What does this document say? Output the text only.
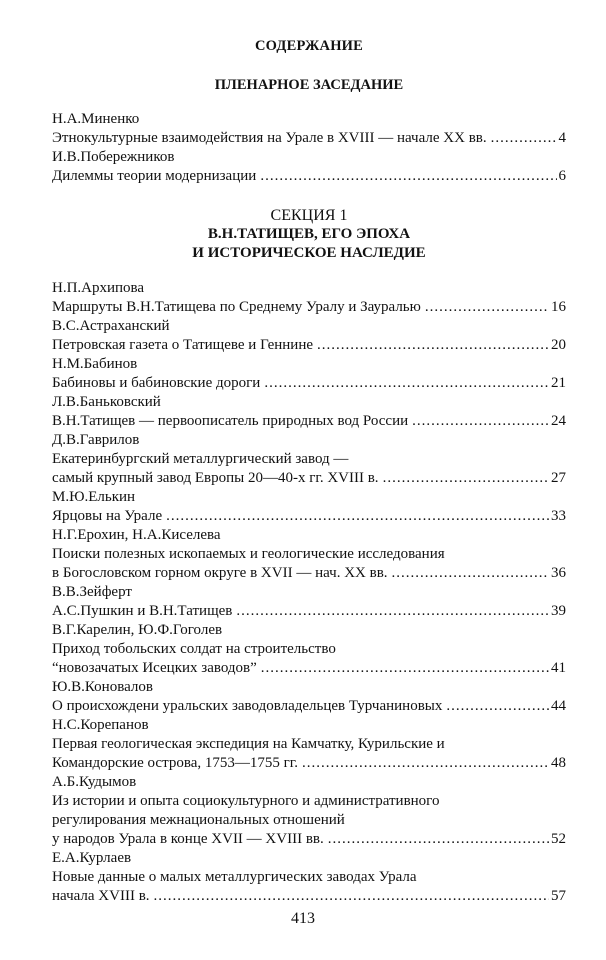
СОДЕРЖАНИЕ
ПЛЕНАРНОЕ ЗАСЕДАНИЕ
Н.А.Миненко
Этнокультурные взаимодействия на Урале в XVIII — начале XX вв. .....	4
И.В.Побережников
Дилеммы теории модернизации .....	6
СЕКЦИЯ 1
В.Н.ТАТИЩЕВ, ЕГО ЭПОХА
И ИСТОРИЧЕСКОЕ НАСЛЕДИЕ
Н.П.Архипова
Маршруты В.Н.Татищева по Среднему Уралу и Зауралью .....	16
В.С.Астраханский
Петровская газета о Татищеве и Геннине .....	20
Н.М.Бабинов
Бабиновы и бабиновские дороги .....	21
Л.В.Баньковский
В.Н.Татищев — первоописатель природных вод России .....	24
Д.В.Гаврилов
Екатеринбургский металлургический завод —
самый крупный завод Европы 20—40-х гг. XVIII в. .....	27
М.Ю.Елькин
Ярцовы на Урале .....	33
Н.Г.Ерохин, Н.А.Киселева
Поиски полезных ископаемых и геологические исследования
в Богословском горном округе в XVII — нач. XX вв. .....	36
В.В.Зейферт
А.С.Пушкин и В.Н.Татищев .....	39
В.Г.Карелин, Ю.Ф.Гоголев
Приход тобольских солдат на строительство
“новозачатых Исецких заводов” .....	41
Ю.В.Коновалов
О происхождени уральских заводовладельцев Турчаниновых .....	44
Н.С.Корепанов
Первая геологическая экспедиция на Камчатку, Курильские и
Командорские острова, 1753—1755 гг. .....	48
А.Б.Кудымов
Из истории и опыта социокультурного и административного
регулирования межнациональных отношений
у народов Урала в конце XVII — XVIII вв. .....	52
Е.А.Курлаев
Новые данные о малых металлургических заводах Урала
начала XVIII в. .....	57
413
